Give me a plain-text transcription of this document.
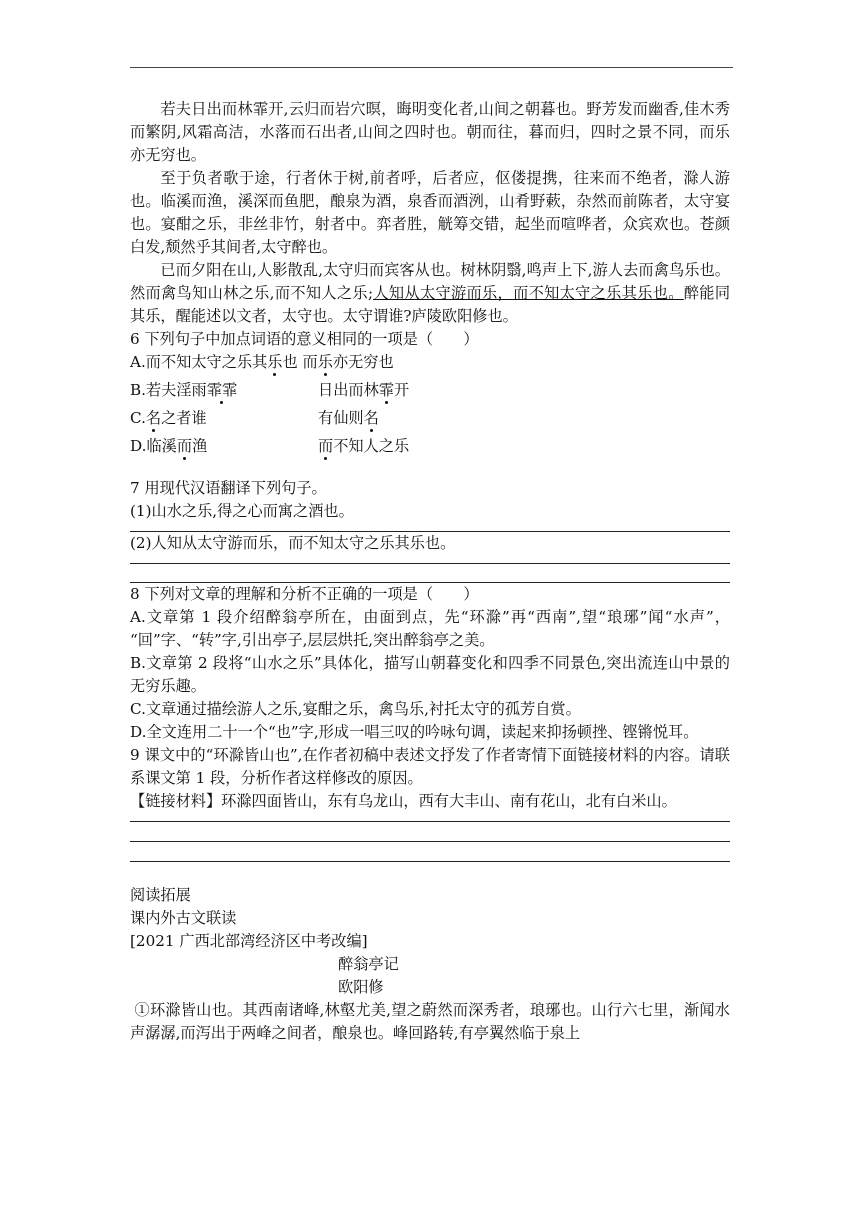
若夫日出而林霏开,云归而岩穴暝，晦明变化者,山间之朝暮也。野芳发而幽香,佳木秀而繁阴,风霜高洁，水落而石出者,山间之四时也。朝而往，暮而归，四时之景不同，而乐亦无穷也。

至于负者歌于途，行者休于树,前者呼，后者应，伛偻提携，往来而不绝者，滁人游也。临溪而渔，溪深而鱼肥，酿泉为酒，泉香而酒洌，山肴野蔌，杂然而前陈者，太守宴也。宴酣之乐，非丝非竹，射者中。弈者胜，觥筹交错，起坐而喧哗者，众宾欢也。苍颜白发,颓然乎其间者,太守醉也。

已而夕阳在山,人影散乱,太守归而宾客从也。树林阴翳,鸣声上下,游人去而禽鸟乐也。然而禽鸟知山林之乐,而不知人之乐;人知从太守游而乐，而不知太守之乐其乐也。醉能同其乐，醒能述以文者，太守也。太守谓谁?庐陵欧阳修也。

6 下列句子中加点词语的意义相同的一项是（　　）

A.而不知太守之乐其乐也 而乐亦无穷也
B.若夫淫雨霏霏	日出而林霏开
C.名之者谁	有仙则名
D.临溪而渔	而不知人之乐

7 用现代汉语翻译下列句子。

(1)山水之乐,得之心而寓之酒也。

(2)人知从太守游而乐，而不知太守之乐其乐也。

8 下列对文章的理解和分析不正确的一项是（　　）

A.文章第 1 段介绍醉翁亭所在，由面到点，先“环滁”再“西南”,望“琅琊”闻“水声”， “回”字、“转”字,引出亭子,层层烘托,突出醉翁亭之美。

B.文章第 2 段将“山水之乐”具体化，描写山朝暮变化和四季不同景色,突出流连山中景的无穷乐趣。

C.文章通过描绘游人之乐,宴酣之乐，禽鸟乐,衬托太守的孤芳自赏。

D.全文连用二十一个“也”字,形成一唱三叹的吟咏句调，读起来抑扬顿挫、铿锵悦耳。

9 课文中的“环滁皆山也”,在作者初稿中表述文抒发了作者寄情下面链接材料的内容。请联系课文第 1 段，分析作者这样修改的原因。

【链接材料】环滁四面皆山，东有乌龙山，西有大丰山、南有花山，北有白米山。

阅读拓展

课内外古文联读

[2021 广西北部湾经济区中考改编]

醉翁亭记

欧阳修

①环滁皆山也。其西南诸峰,林壑尤美,望之蔚然而深秀者，琅琊也。山行六七里，渐闻水声潺潺,而泻出于两峰之间者，酿泉也。峰回路转,有亭翼然临于泉上
